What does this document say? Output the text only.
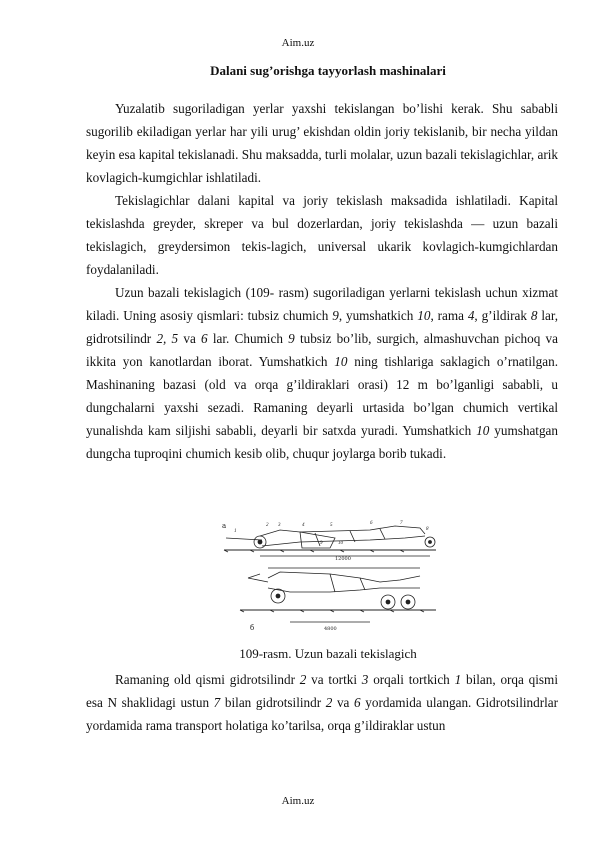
Aim.uz
Dalani sug’orishga tayyorlash mashinalari

Yuzalatib sugoriladigan yerlar yaxshi tekislangan bo’lishi kerak. Shu sababli sugorilib ekiladigan yerlar har yili urug’ ekishdan oldin joriy tekislanib, bir necha yildan keyin esa kapital tekislanadi. Shu maksadda, turli molalar, uzun bazali tekislagichlar, arik kovlagich-kumgichlar ishlatiladi.

Tekislagichlar dalani kapital va joriy tekislash maksadida ishlatiladi. Kapital tekislashda greyder, skreper va bul dozerlardan, joriy tekislashda — uzun bazali tekislagich, greydersimon tekis-lagich, universal ukarik kovlagich-kumgichlardan foydalaniladi.

Uzun bazali tekislagich (109- rasm) sugoriladigan yerlarni tekislash uchun xizmat kiladi. Uning asosiy qismlari: tubsiz chumich 9, yumshatkich 10, rama 4, g’ildirak 8 lar, gidrotsilindr 2, 5 va 6 lar. Chumich 9 tubsiz bo’lib, surgich, almashuvchan pichoq va ikkita yon kanotlardan iborat. Yumshatkich 10 ning tishlariga saklagich o’rnatilgan. Mashinaning bazasi (old va orqa g’ildiraklari orasi) 12 m bo’lganligi sababli, u dungchalarni yaxshi sezadi. Ramaning deyarli urtasida bo’lgan chumich vertikal yunalishda kam siljishi sababli, deyarli bir satxda yuradi. Yumshatkich 10 yumshatgan dungcha tuproqini chumich kesib olib, chuqur joylarga borib tukadi.

а
12000
1
2 3	4	5	6	7
8
9	10
4800
б
109-rasm. Uzun bazali tekislagich

Ramaning old qismi gidrotsilindr 2 va tortki 3 orqali tortkich 1 bilan, orqa qismi esa N shaklidagi ustun 7 bilan gidrotsilindr 2 va 6 yordamida ulangan. Gidrotsilindrlar yordamida rama transport holatiga ko’tarilsa, orqa g’ildiraklar ustun

Aim.uz
